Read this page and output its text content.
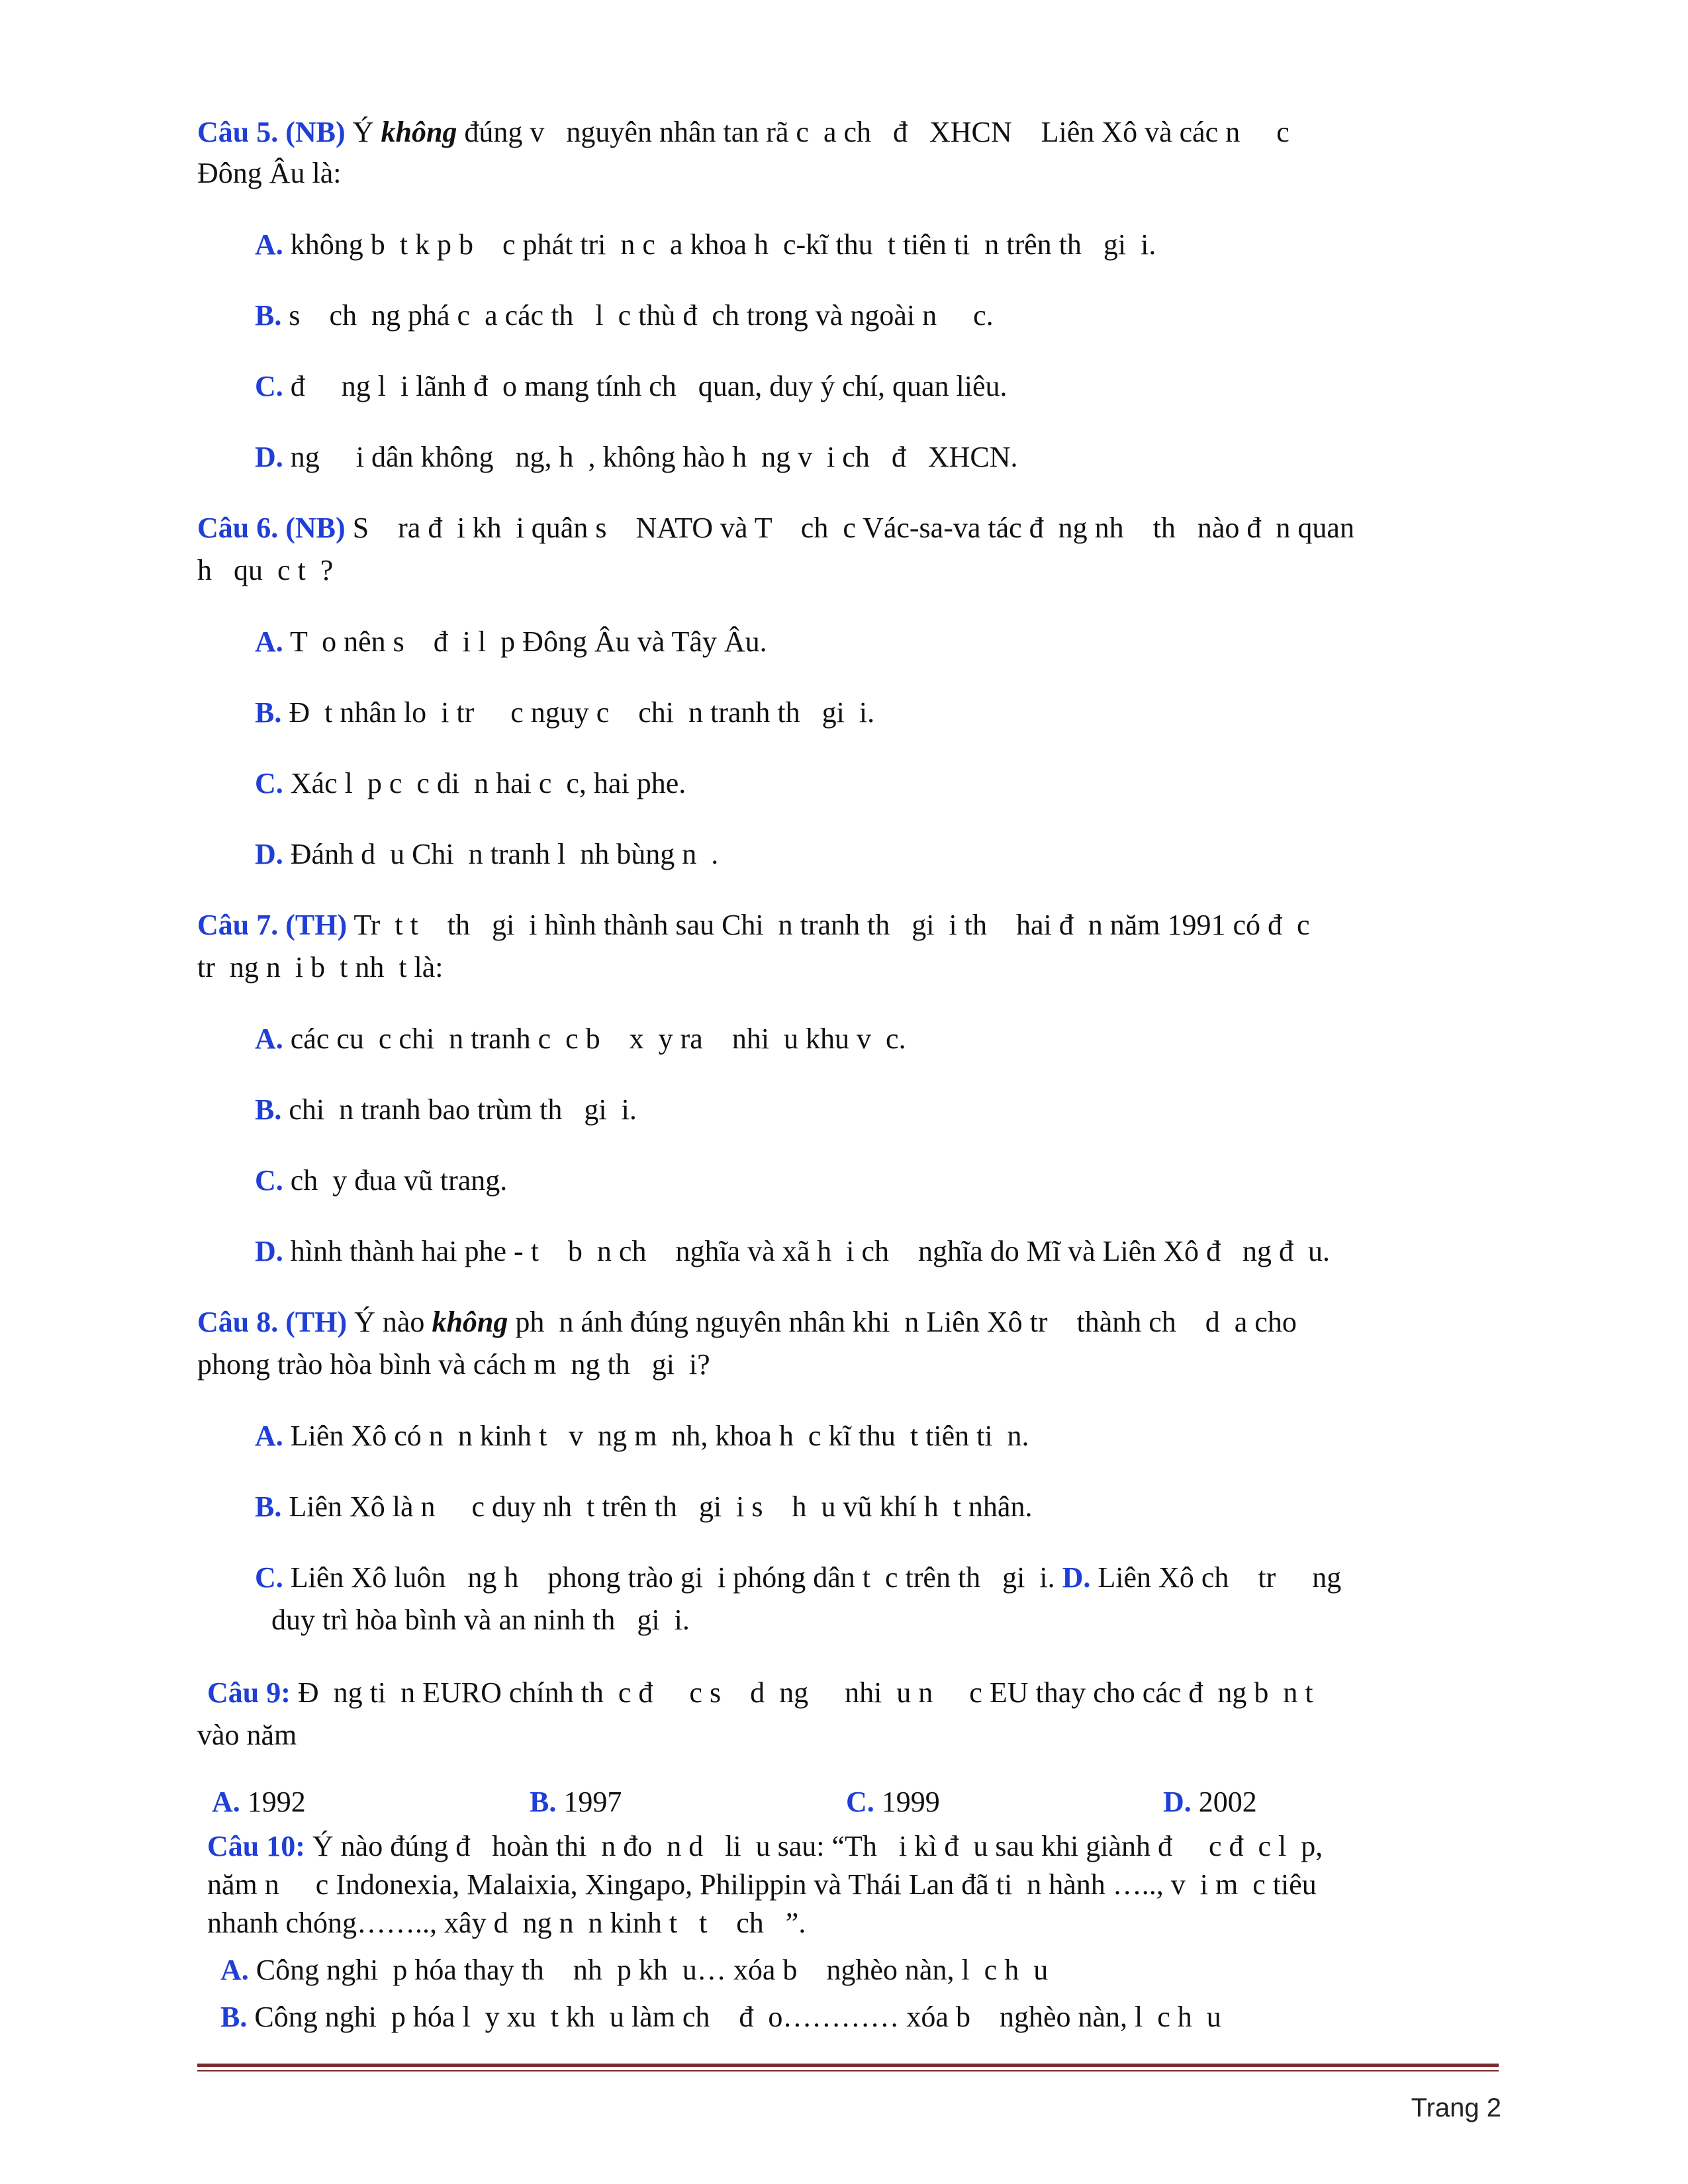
Câu 5. (NB) Ý không đúng v   nguyên nhân tan rã c  a ch   đ   XHCN    Liên Xô và các n     c
Đông Âu là:
A. không b  t k p b    c phát tri  n c  a khoa h  c-kĩ thu  t tiên ti  n trên th   gi  i.
B. s    ch  ng phá c  a các th   l  c thù đ  ch trong và ngoài n     c.
C. đ     ng l  i lãnh đ  o mang tính ch   quan, duy ý chí, quan liêu.
D. ng     i dân không   ng, h  , không hào h  ng v  i ch   đ   XHCN.
Câu 6. (NB) S    ra đ  i kh  i quân s    NATO và T    ch  c Vác-sa-va tác đ  ng nh    th   nào đ  n quan
h   qu  c t  ?
A. T  o nên s    đ  i l  p Đông Âu và Tây Âu.
B. Đ  t nhân lo  i tr     c nguy c    chi  n tranh th   gi  i.
C. Xác l  p c  c di  n hai c  c, hai phe.
D. Đánh d  u Chi  n tranh l  nh bùng n  .
Câu 7. (TH) Tr  t t    th   gi  i hình thành sau Chi  n tranh th   gi  i th    hai đ  n năm 1991 có đ  c
tr  ng n  i b  t nh  t là:
A. các cu  c chi  n tranh c  c b    x  y ra    nhi  u khu v  c.
B. chi  n tranh bao trùm th   gi  i.
C. ch  y đua vũ trang.
D. hình thành hai phe - t    b  n ch    nghĩa và xã h  i ch    nghĩa do Mĩ và Liên Xô đ   ng đ  u.
Câu 8. (TH) Ý nào không ph  n ánh đúng nguyên nhân khi  n Liên Xô tr    thành ch    d  a cho
phong trào hòa bình và cách m  ng th   gi  i?
A. Liên Xô có n  n kinh t   v  ng m  nh, khoa h  c kĩ thu  t tiên ti  n.
B. Liên Xô là n     c duy nh  t trên th   gi  i s    h  u vũ khí h  t nhân.
C. Liên Xô luôn   ng h    phong trào gi  i phóng dân t  c trên th   gi  i. D. Liên Xô ch    tr     ng
duy trì hòa bình và an ninh th   gi  i.
Câu 9: Đ  ng ti  n EURO chính th  c đ     c s    d  ng     nhi  u n     c EU thay cho các đ  ng b  n t
vào năm
A. 1992	B. 1997	C. 1999	D. 2002
Câu 10: Ý nào đúng đ   hoàn thi  n đo  n d   li  u sau: “Th   i kì đ  u sau khi giành đ     c đ  c l  p,
năm n     c Indonexia, Malaixia, Xingapo, Philippin và Thái Lan đã ti  n hành ….., v  i m  c tiêu
nhanh chóng…….., xây d  ng n  n kinh t   t    ch   ”.
A. Công nghi  p hóa thay th    nh  p kh  u… xóa b    nghèo nàn, l  c h  u
B. Công nghi  p hóa l  y xu  t kh  u làm ch    đ  o………… xóa b    nghèo nàn, l  c h  u
Trang 2
